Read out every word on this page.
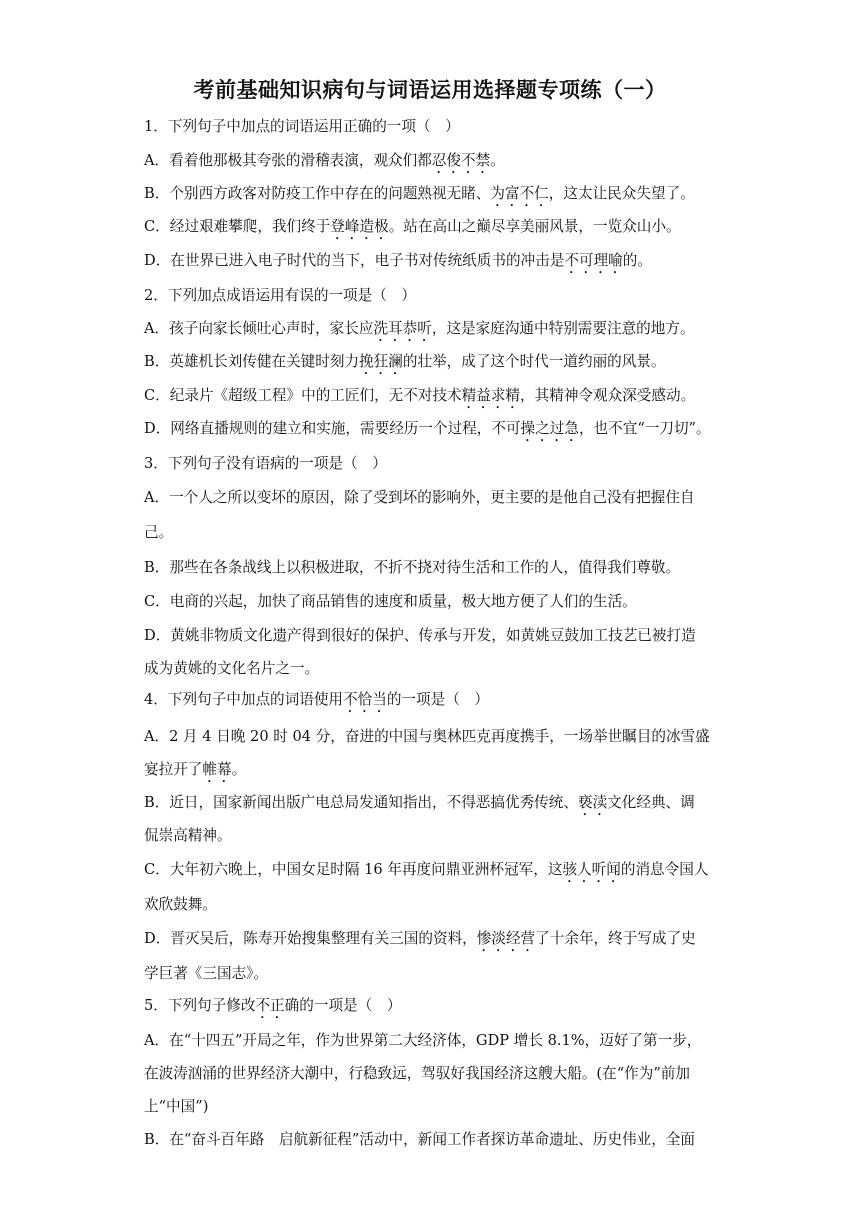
考前基础知识病句与词语运用选择题专项练（一）
1．下列句子中加点的词语运用正确的一项（　）
A．看着他那极其夸张的滑稽表演，观众们都忍俊不禁。
B．个别西方政客对防疫工作中存在的问题熟视无睹、为富不仁，这太让民众失望了。
C．经过艰难攀爬，我们终于登峰造极。站在高山之巅尽享美丽风景，一览众山小。
D．在世界已进入电子时代的当下，电子书对传统纸质书的冲击是不可理喻的。
2．下列加点成语运用有误的一项是（　）
A．孩子向家长倾吐心声时，家长应洗耳恭听，这是家庭沟通中特别需要注意的地方。
B．英雄机长刘传健在关键时刻力挽狂澜的壮举，成了这个时代一道约丽的风景。
C．纪录片《超级工程》中的工匠们，无不对技术精益求精，其精神令观众深受感动。
D．网络直播规则的建立和实施，需要经历一个过程，不可操之过急，也不宜“一刀切”。
3．下列句子没有语病的一项是（　）
A．一个人之所以变坏的原因，除了受到坏的影响外，更主要的是他自己没有把握住自
己。
B．那些在各条战线上以积极进取，不折不挠对待生活和工作的人，值得我们尊敬。
C．电商的兴起，加快了商品销售的速度和质量，极大地方便了人们的生活。
D．黄姚非物质文化遗产得到很好的保护、传承与开发，如黄姚豆鼓加工技艺已被打造
成为黄姚的文化名片之一。
4．下列句子中加点的词语使用不恰当的一项是（　）
A．2 月 4 日晚 20 时 04 分，奋进的中国与奥林匹克再度携手，一场举世瞩目的冰雪盛
宴拉开了帷幕。
B．近日，国家新闻出版广电总局发通知指出，不得恶搞优秀传统、亵渎文化经典、调
侃崇高精神。
C．大年初六晚上，中国女足时隔 16 年再度问鼎亚洲杯冠军，这骇人听闻的消息令国人
欢欣鼓舞。
D．晋灭吴后，陈寿开始搜集整理有关三国的资料，惨淡经营了十余年，终于写成了史
学巨著《三国志》。
5．下列句子修改不正确的一项是（　）
A．在“十四五”开局之年，作为世界第二大经济体，GDP 增长 8.1%，迈好了第一步，
在波涛汹涌的世界经济大潮中，行稳致远，驾驭好我国经济这艘大船。(在“作为”前加
上“中国”)
B．在“奋斗百年路　启航新征程”活动中，新闻工作者探访革命遗址、历史伟业，全面
